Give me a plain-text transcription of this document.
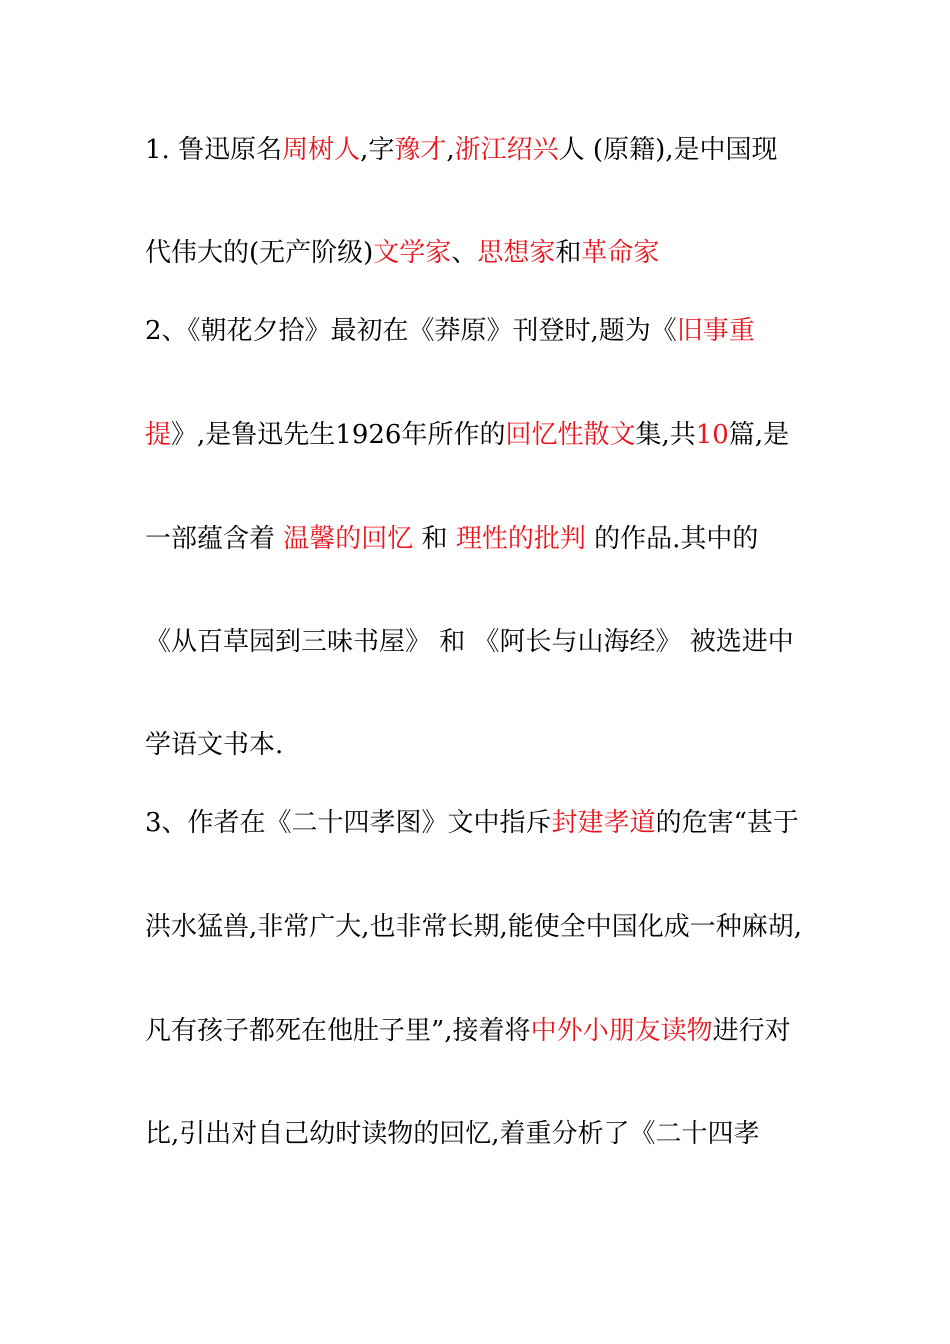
1. 鲁迅原名周树人,字豫才,浙江绍兴人 (原籍),是中国现
代伟大的(无产阶级)文学家、思想家和革命家
2、《朝花夕拾》最初在《莽原》刊登时,题为《旧事重
提》,是鲁迅先生1926年所作的回忆性散文集,共10篇,是
一部蕴含着 温馨的回忆 和 理性的批判 的作品.其中的
《从百草园到三味书屋》 和 《阿长与山海经》 被选进中
学语文书本.
3、作者在《二十四孝图》文中指斥封建孝道的危害“甚于
洪水猛兽,非常广大,也非常长期,能使全中国化成一种麻胡,
凡有孩子都死在他肚子里”,接着将中外小朋友读物进行对
比,引出对自己幼时读物的回忆,着重分析了《二十四孝
